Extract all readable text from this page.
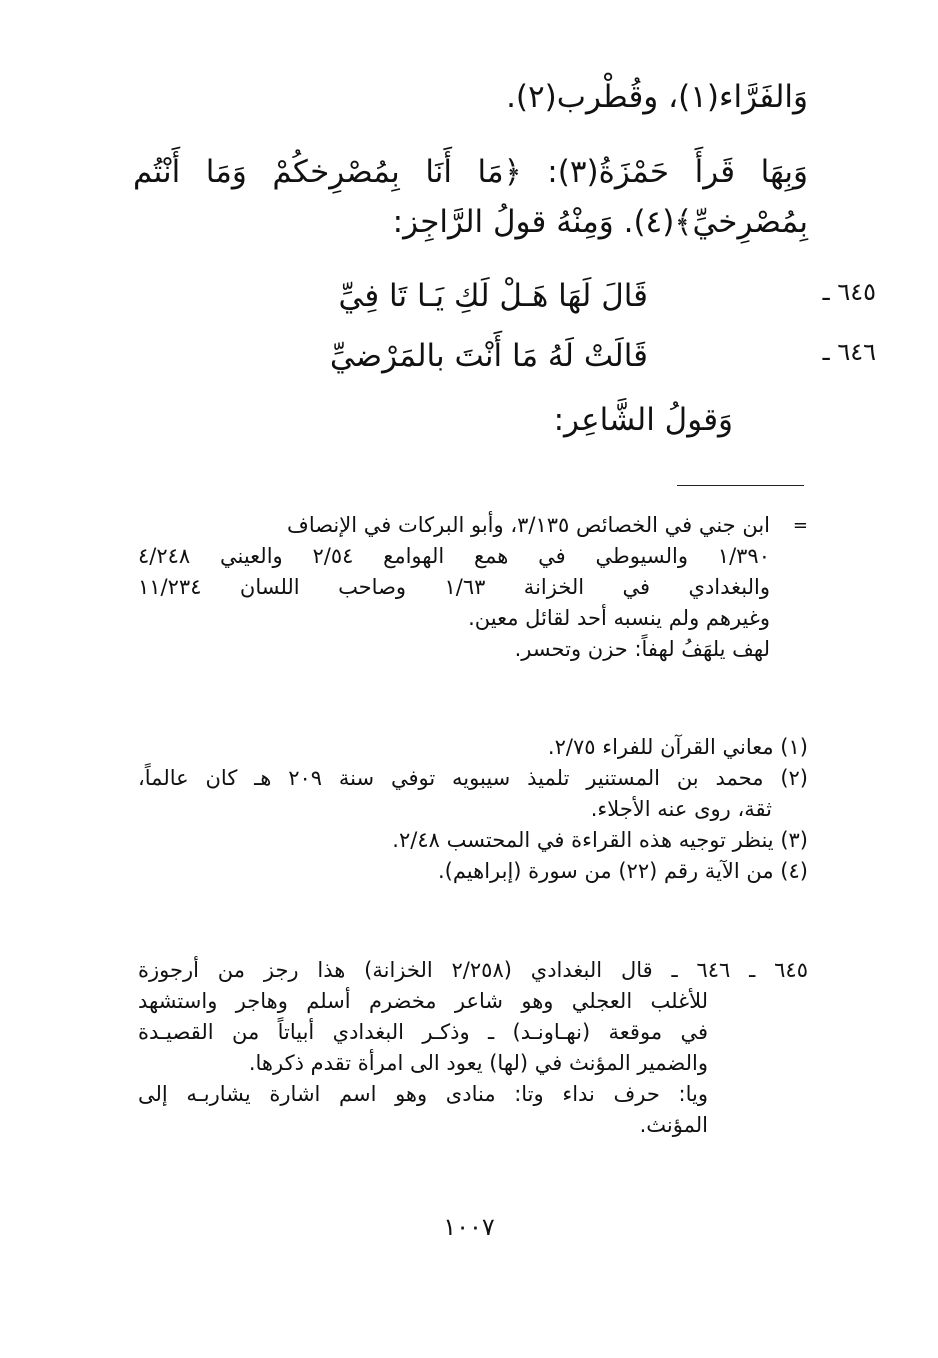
وَالفَرَّاء(١)، وقُطْرب(٢).
وَبِهَا قَرأَ حَمْزَةُ(٣): ﴿مَا أَنَا بِمُصْرِخكُمْ وَمَا أَنْتُم
بِمُصْرِخيِّ﴾(٤). وَمِنْهُ قولُ الرَّاجِز:
٦٤٥ ـ
قَالَ لَهَا هَـلْ لَكِ يَـا تَا فِيِّ
٦٤٦ ـ
قَالَتْ لَهُ مَا أَنْتَ بالمَرْضيِّ
وَقولُ الشَّاعِر:
=
ابن جني في الخصائص ٣/١٣٥، وأبو البركات في الإنصاف
١/٣٩٠ والسيوطي في همع الهوامع ٢/٥٤ والعيني ٤/٢٤٨
والبغدادي في الخزانة ١/٦٣ وصاحب اللسان ١١/٢٣٤
وغيرهم ولم ينسبه أحد لقائل معين.
لهف يلهَفُ لهفاً: حزن وتحسر.
(١) معاني القرآن للفراء ٢/٧٥.
(٢) محمد بن المستنير تلميذ سيبويه توفي سنة ٢٠٩ هـ كان عالماً،
ثقة، روى عنه الأجلاء.
(٣) ينظر توجيه هذه القراءة في المحتسب ٢/٤٨.
(٤) من الآية رقم (٢٢) من سورة (إبراهيم).
٦٤٥ ـ ٦٤٦ ـ قال البغدادي (٢/٢٥٨ الخزانة) هذا رجز من أرجوزة
للأغلب العجلي وهو شاعر مخضرم أسلم وهاجر واستشهد
في موقعة (نهـاونـد) ـ وذكـر البغدادي أبياتاً من القصيـدة
والضمير المؤنث في (لها) يعود الى امرأة تقدم ذكرها.
ويا: حرف نداء وتا: منادى وهو اسم اشارة يشاربـه إلى
المؤنث.
١٠٠٧
